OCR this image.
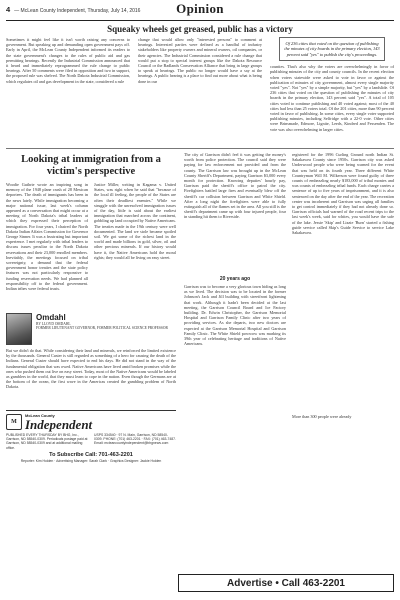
4 — McLean County Independent, Thursday, July 14, 2016	Opinion
Squeaky wheels get greased, public has a victory

Sometimes it might feel like it isn't worth raising any concerns to government. But speaking up and demanding open government pays off. Early in April, the McLean County Independent informed its readers to the state government's changes to the rules of public aid and gas permitting hearings. Recently the Industrial Commission announced that it heard and immediately reprogrammed the rule change to public hearings. After 50 comments were filed in opposition and two in support, the proposed rule was shelved. The North Dakota Industrial Commission, which regulates oil and gas development in the state, considered a rule

change that would allow only "interested persons" to comment at hearings. Interested parties were defined as a handful of industry stakeholders like property owners and mineral owners, oil companies, or their agencies. The Industrial Commission considered a rule change that would put a stop to special interest groups like the Dakota Resource Council or the Badlands Conservation Alliance that bring in large groups to speak at hearings. The public no longer would have a say at the hearings. A public hearing is a place to find out more about what is being done in our

Of 236 cities that voted on the question of publishing the minutes of city boards in the primary election, 143 percent said "yes" to publish the city's proceedings.

counties. That's also why the voters are overwhelmingly in favor of publishing minutes of the city and county councils. In the recent election when voters statewide were asked to vote in favor or against the publication of minutes of city government, almost every single majority voted "yes". Not "yes" by a simple majority, but "yes" by a landslide. Of 236 cities that voted on the question of publishing the minutes of city boards in the primary election, 143 percent said "yes". A total of 105 cities voted to continue publishing and 40 voted against; most of the 40 cities had less than 25 voters total. Of the 201 cities, more than 90 percent voted in favor of publishing. In some cities, every single voter supported publishing minutes, including Selfridge with a 22-0 vote. Other cities were Brinsmade, Edmore, Lignite, Leeds, Kindred and Fessenden. The vote was also overwhelming in larger cities.

Looking at immigration from a victim's perspective

Woodie Guthrie wrote an inspiring song in memory of the 1948 plane crash of 28 Mexican deportees. The death of immigrants has been in the news lately. While immigration becoming a major national issue, last week's column appeared as a conversation that might occur at a meeting of North Dakota's tribal leaders at which they expressed their perception of immigration. For four years, I chaired the North Dakota Indian Affairs Commission for Governor George Sinner. It was a frustrating but important experience. I met regularly with tribal leaders to discuss issues peculiar to the North Dakota reservations and their 23,000 enrolled members. Inevitably, the meetings focused on tribal sovereignty, a demand that the federal government honor treaties and the state policy features was not particularly responsive to funding reservation needs. We had planned all responsibility off to the federal government. Indian tribes were federal trusts.

Justice Miller, writing in Kagama v. United States, was right when he said that "because of the local ill feeling, the people of the States are often their deadliest enemies." While we struggle with the unresolved immigration issues of the day, little is said about the earliest immigration that marched across the continent, gobbling up land occupied by Native Americans. The treaties made in the 19th century were well documented. The land we stole became spoiled soil. We got some of the richest land in the world and made billions in gold, silver, oil and other precious minerals. If our history would have it, the Native Americans hold the moral rights; they would all be living on easy street.

Omdahl
BY LLOYD OMDAHL
FORMER LIEUTENANT GOVERNOR, FORMER POLITICAL SCIENCE PROFESSOR

But we didn't do that. While considering their land and minerals, we reinforced the limited existence by the thousands. General Custer is still regarded as something of a hero for causing the death of the Indians. General Custer should have expected to end his days. He did not stand in the way of the fundamental obligation that was owed. Native Americans have lived amid broken promises while the ones who pushed them out live on easy street. Today, most of the Native Americans would be labeled as gamblers in the world, that they must learn to cope in the nation. Even though the Germans are at the bottom of the ocean, the first wave in the Americas created the gambling problem of North Dakota.

M
McLean County
Independent
PUBLISHED EVERY THURSDAY BY BHG, Inc., Garrison, ND 58540-0309. Periodicals postage paid at Garrison, ND 58540-0309 and at additional mailing office.
USPS 334540 · 97 N. Main, Garrison, ND 58540-0309. PHONE: (701) 463-2201 · FAX: (701) 463-7487. Email: mcleancountyindependent@bhgnews.com
To Subscribe Call: 701-463-2201
Reporter: Kim Holden · Advertising Manager: Sarah Clark · Graphics Designer: Jackie Holden

The city of Garrison didn't feel it was getting the money's worth from police protection. The council said they were paying for law enforcement not provided and from the county. The Garrison law was brought up in the McLean County Sheriff's Department, paying Garrison $3,000 every month for protection. Knowing deputies' hourly pay, Garrison paid the sheriff's office to patrol the city. Firefighters battled large fires and eventually blew off the sheriff's car collision between Garrison and White Shield. After a long night the firefighters were able to fully extinguish all of the flames set in the area. All you still is the sheriff's department came up with four injured people, four in standing hit them to Riverside.

20 years ago

Garrison was to become a very glorious town hiding as long as we lived. The decision was to be located in the former Johnson's Jack and Jill building with streetfront lightening that work. Although it hadn't been decided at the last meeting, the Garrison Council Board and Ice Factory building. Dr. Edwin Christopher, the Garrison Memorial Hospital and Garrison Family Clinic after two years of providing services. As she departs, two new doctors are expected at the Garrison Memorial Hospital and Garrison Family Clinic. The White Shield powwow was marking its 39th year of celebrating heritage and traditions of Native Americans.

registered for the 1996 Curling Ground north Indian St. Sakakawea County since 1950s. Garrison city was asked Underwood people who were being warned for the event that was held on its fourth year. Three different White Countryman Will M. Wilkerson were found guilty of three counts of embezzling nearly $183,000 of tribal monies and was counts of embezzling tribal funds. Each charge carries a sentence of up to five years of imprisonment, and it is also sentenced on the day after the end of the year. The recreation center was incoherent and Garrison was urging all families to get control immediately if they had not already done so. Garrison officials had warned of the road recent trips to the last week's week, said for whites, you would have the safe of the lake. Jessie 'Skip' and Lizzie 'Burn' started a fishing guide service called Skip's Guide Service to service Lake Sakakawea.

More than 300 people were already

Advertise • Call 463-2201
